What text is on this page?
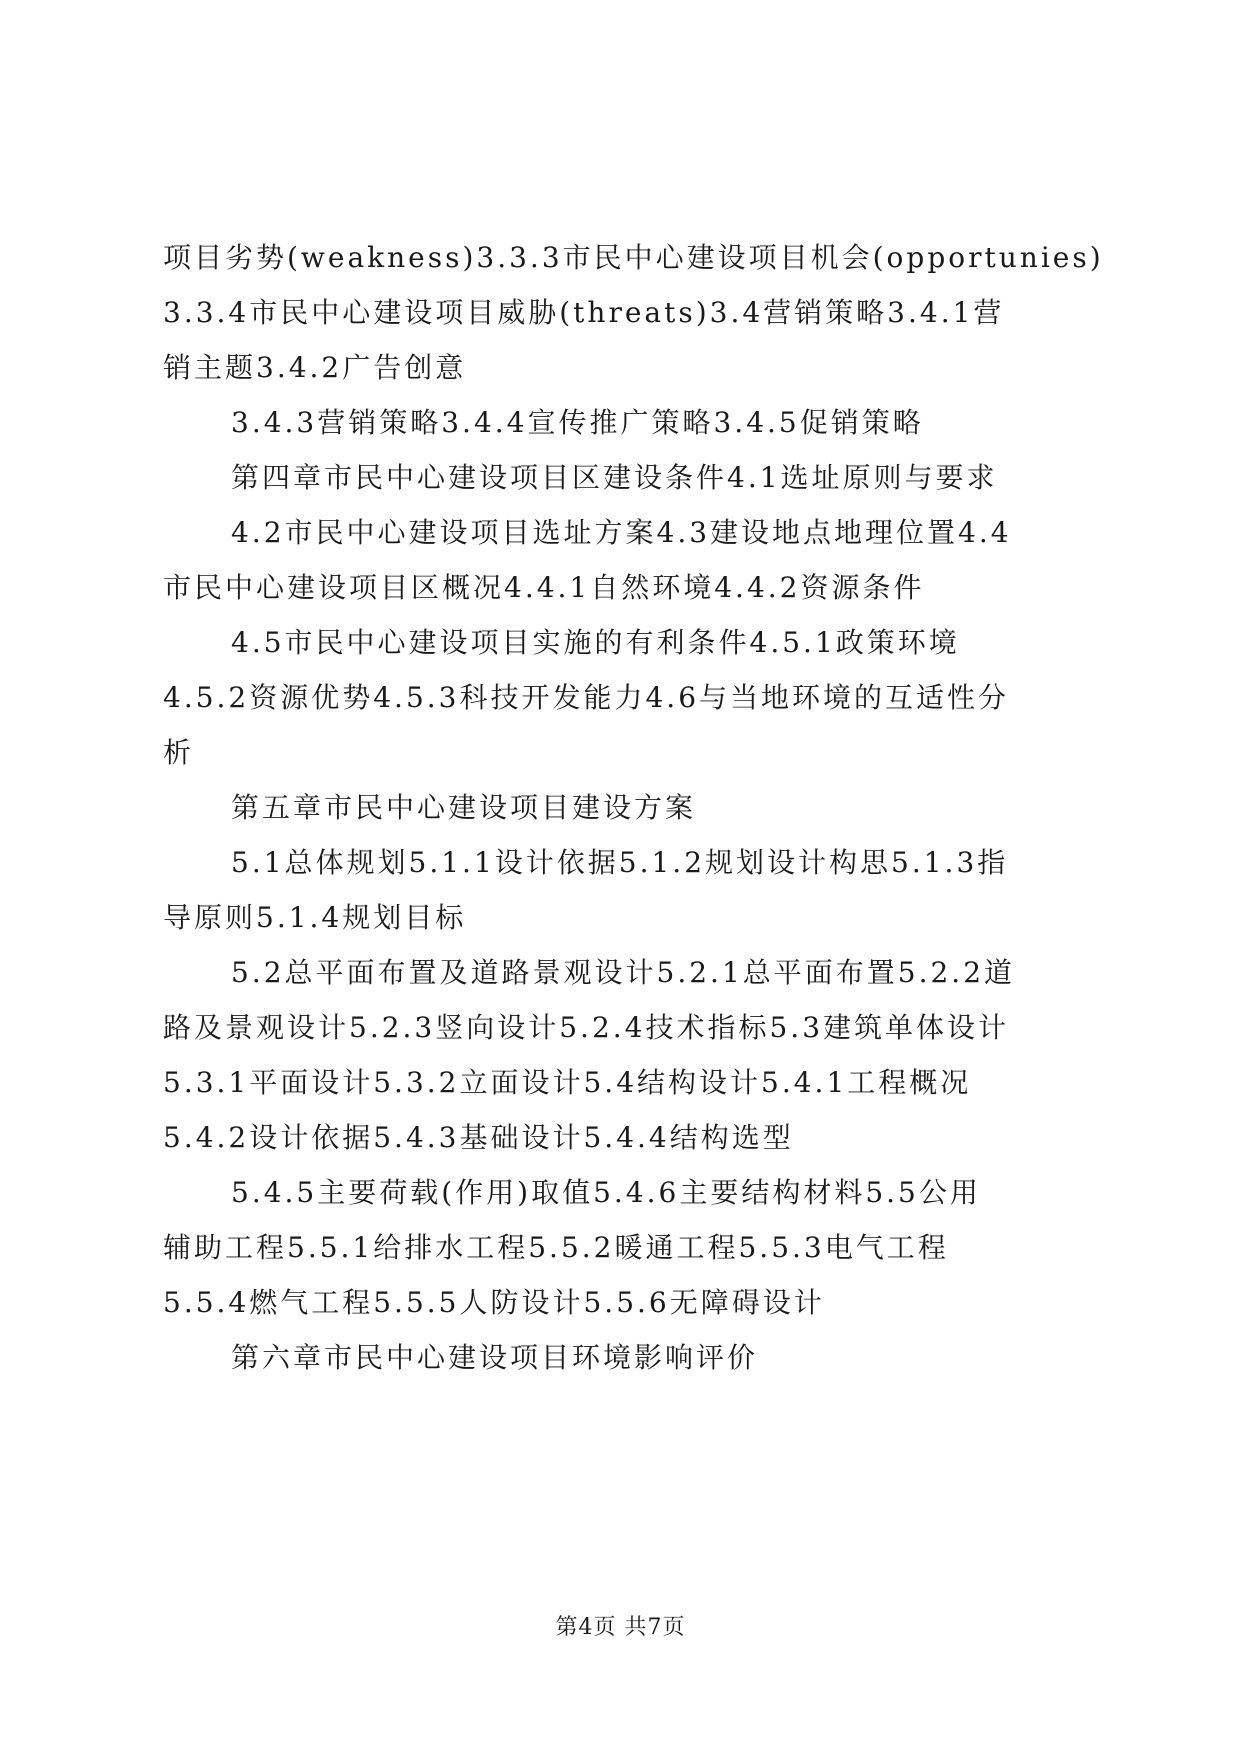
项目劣势(weakness)3.3.3市民中心建设项目机会(opportunies)
3.3.4市民中心建设项目威胁(threats)3.4营销策略3.4.1营
销主题3.4.2广告创意
3.4.3营销策略3.4.4宣传推广策略3.4.5促销策略
第四章市民中心建设项目区建设条件4.1选址原则与要求
4.2市民中心建设项目选址方案4.3建设地点地理位置4.4
市民中心建设项目区概况4.4.1自然环境4.4.2资源条件
4.5市民中心建设项目实施的有利条件4.5.1政策环境
4.5.2资源优势4.5.3科技开发能力4.6与当地环境的互适性分
析
第五章市民中心建设项目建设方案
5.1总体规划5.1.1设计依据5.1.2规划设计构思5.1.3指
导原则5.1.4规划目标
5.2总平面布置及道路景观设计5.2.1总平面布置5.2.2道
路及景观设计5.2.3竖向设计5.2.4技术指标5.3建筑单体设计
5.3.1平面设计5.3.2立面设计5.4结构设计5.4.1工程概况
5.4.2设计依据5.4.3基础设计5.4.4结构选型
5.4.5主要荷载(作用)取值5.4.6主要结构材料5.5公用
辅助工程5.5.1给排水工程5.5.2暖通工程5.5.3电气工程
5.5.4燃气工程5.5.5人防设计5.5.6无障碍设计
第六章市民中心建设项目环境影响评价
第4页 共7页
